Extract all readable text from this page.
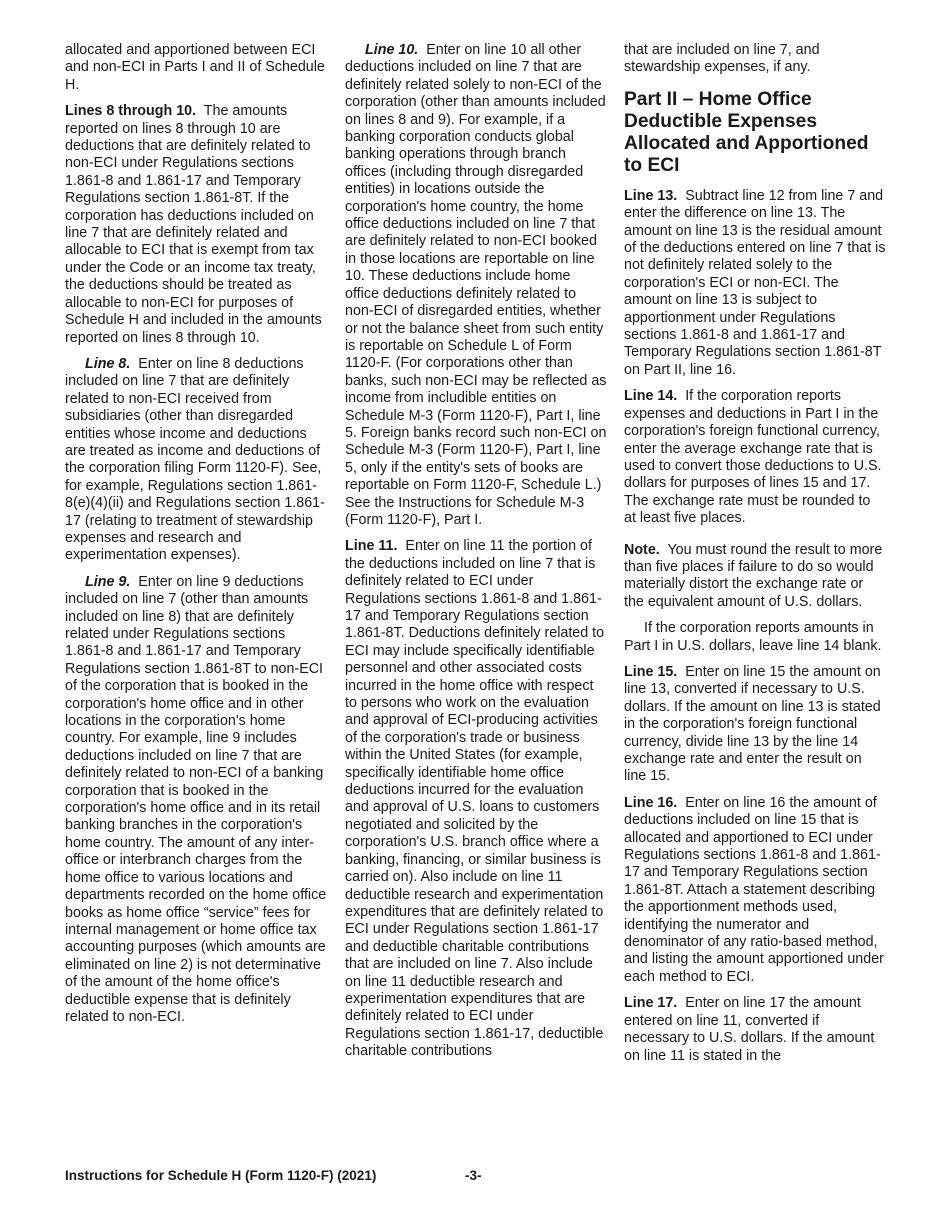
allocated and apportioned between ECI and non-ECI in Parts I and II of Schedule H.

Lines 8 through 10. The amounts reported on lines 8 through 10 are deductions that are definitely related to non-ECI under Regulations sections 1.861-8 and 1.861-17 and Temporary Regulations section 1.861-8T. If the corporation has deductions included on line 7 that are definitely related and allocable to ECI that is exempt from tax under the Code or an income tax treaty, the deductions should be treated as allocable to non-ECI for purposes of Schedule H and included in the amounts reported on lines 8 through 10.

Line 8. Enter on line 8 deductions included on line 7 that are definitely related to non-ECI received from subsidiaries (other than disregarded entities whose income and deductions are treated as income and deductions of the corporation filing Form 1120-F). See, for example, Regulations section 1.861-8(e)(4)(ii) and Regulations section 1.861-17 (relating to treatment of stewardship expenses and research and experimentation expenses).

Line 9. Enter on line 9 deductions included on line 7 (other than amounts included on line 8) that are definitely related under Regulations sections 1.861-8 and 1.861-17 and Temporary Regulations section 1.861-8T to non-ECI of the corporation that is booked in the corporation's home office and in other locations in the corporation's home country. For example, line 9 includes deductions included on line 7 that are definitely related to non-ECI of a banking corporation that is booked in the corporation's home office and in its retail banking branches in the corporation's home country. The amount of any inter-office or interbranch charges from the home office to various locations and departments recorded on the home office books as home office “service” fees for internal management or home office tax accounting purposes (which amounts are eliminated on line 2) is not determinative of the amount of the home office's deductible expense that is definitely related to non-ECI.

Line 10. Enter on line 10 all other deductions included on line 7 that are definitely related solely to non-ECI of the corporation (other than amounts included on lines 8 and 9). For example, if a banking corporation conducts global banking operations through branch offices (including through disregarded entities) in locations outside the corporation's home country, the home office deductions included on line 7 that are definitely related to non-ECI booked in those locations are reportable on line 10. These deductions include home office deductions definitely related to non-ECI of disregarded entities, whether or not the balance sheet from such entity is reportable on Schedule L of Form 1120-F. (For corporations other than banks, such non-ECI may be reflected as income from includible entities on Schedule M-3 (Form 1120-F), Part I, line 5. Foreign banks record such non-ECI on Schedule M-3 (Form 1120-F), Part I, line 5, only if the entity's sets of books are reportable on Form 1120-F, Schedule L.) See the Instructions for Schedule M-3 (Form 1120-F), Part I.

Line 11. Enter on line 11 the portion of the deductions included on line 7 that is definitely related to ECI under Regulations sections 1.861-8 and 1.861-17 and Temporary Regulations section 1.861-8T. Deductions definitely related to ECI may include specifically identifiable personnel and other associated costs incurred in the home office with respect to persons who work on the evaluation and approval of ECI-producing activities of the corporation's trade or business within the United States (for example, specifically identifiable home office deductions incurred for the evaluation and approval of U.S. loans to customers negotiated and solicited by the corporation's U.S. branch office where a banking, financing, or similar business is carried on). Also include on line 11 deductible research and experimentation expenditures that are definitely related to ECI under Regulations section 1.861-17 and deductible charitable contributions that are included on line 7. Also include on line 11 deductible research and experimentation expenditures that are definitely related to ECI under Regulations section 1.861-17, deductible charitable contributions

that are included on line 7, and stewardship expenses, if any.

Part II – Home Office Deductible Expenses Allocated and Apportioned to ECI

Line 13. Subtract line 12 from line 7 and enter the difference on line 13. The amount on line 13 is the residual amount of the deductions entered on line 7 that is not definitely related solely to the corporation's ECI or non-ECI. The amount on line 13 is subject to apportionment under Regulations sections 1.861-8 and 1.861-17 and Temporary Regulations section 1.861-8T on Part II, line 16.

Line 14. If the corporation reports expenses and deductions in Part I in the corporation's foreign functional currency, enter the average exchange rate that is used to convert those deductions to U.S. dollars for purposes of lines 15 and 17. The exchange rate must be rounded to at least five places.

Note. You must round the result to more than five places if failure to do so would materially distort the exchange rate or the equivalent amount of U.S. dollars.

If the corporation reports amounts in Part I in U.S. dollars, leave line 14 blank.

Line 15. Enter on line 15 the amount on line 13, converted if necessary to U.S. dollars. If the amount on line 13 is stated in the corporation's foreign functional currency, divide line 13 by the line 14 exchange rate and enter the result on line 15.

Line 16. Enter on line 16 the amount of deductions included on line 15 that is allocated and apportioned to ECI under Regulations sections 1.861-8 and 1.861-17 and Temporary Regulations section 1.861-8T. Attach a statement describing the apportionment methods used, identifying the numerator and denominator of any ratio-based method, and listing the amount apportioned under each method to ECI.

Line 17. Enter on line 17 the amount entered on line 11, converted if necessary to U.S. dollars. If the amount on line 11 is stated in the

Instructions for Schedule H (Form 1120-F) (2021)	-3-
